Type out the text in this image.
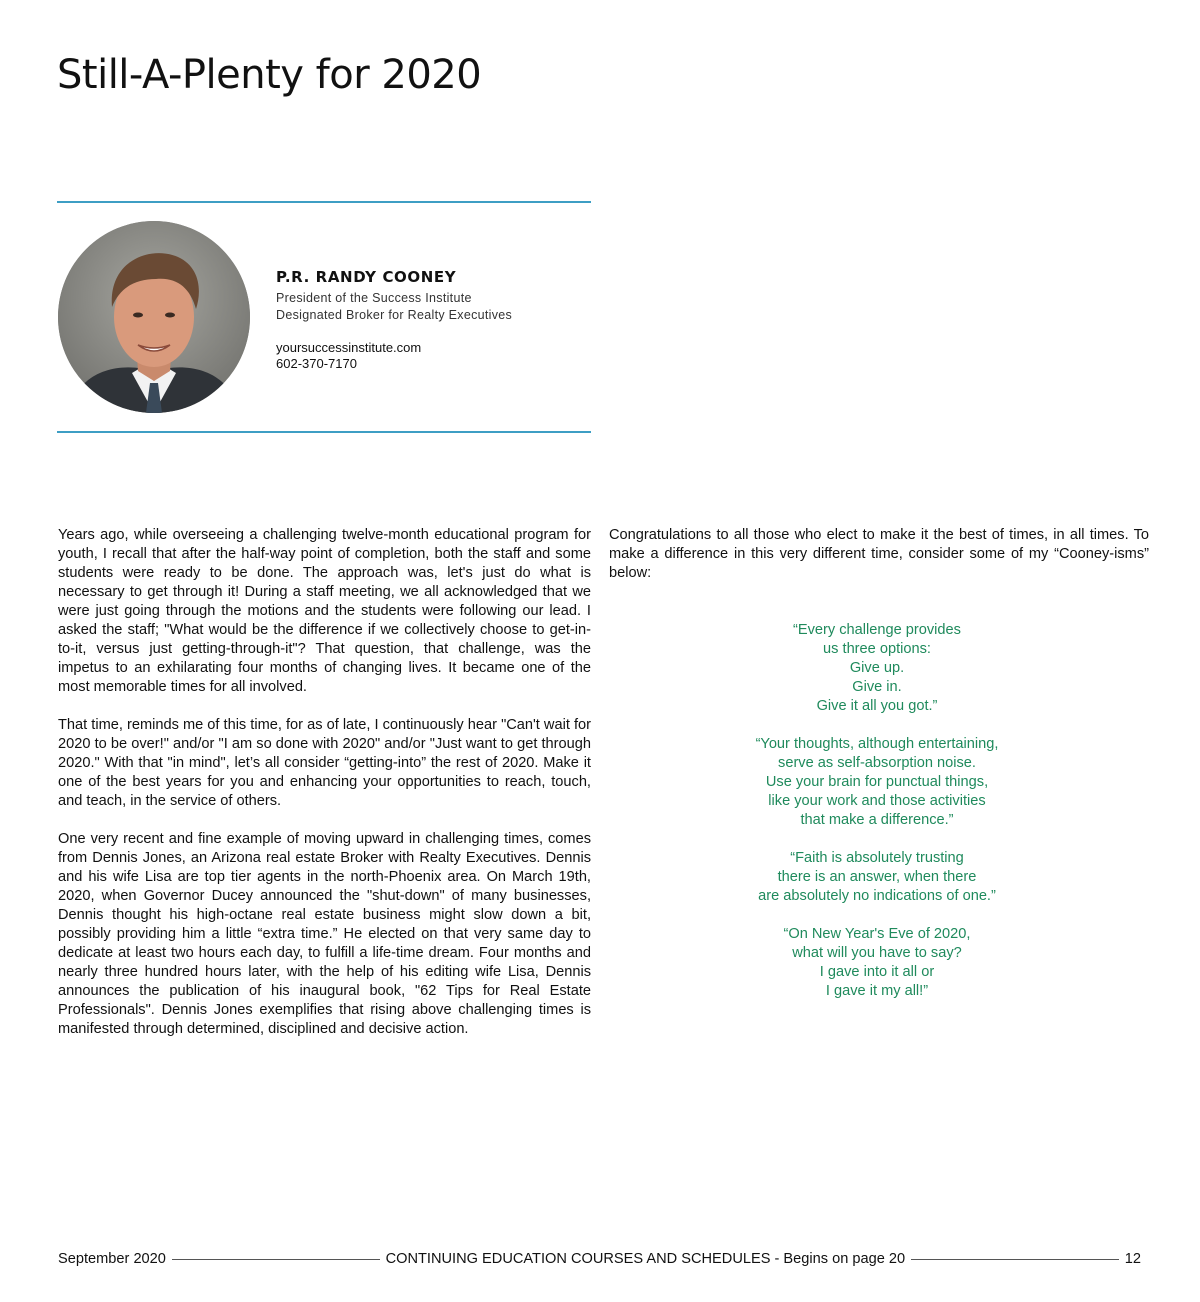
Still-A-Plenty for 2020
P.R. RANDY COONEY
President of the Success Institute
Designated Broker for Realty Executives
yoursuccessinstitute.com
602-370-7170

Years ago, while overseeing a challenging twelve-month educational program for youth, I recall that after the half-way point of completion, both the staff and some students were ready to be done. The approach was, let's just do what is necessary to get through it! During a staff meeting, we all acknowledged that we were just going through the motions and the students were following our lead. I asked the staff; "What would be the difference if we collectively choose to get-in-to-it, versus just getting-through-it"? That question, that challenge, was the impetus to an exhilarating four months of changing lives. It became one of the most memorable times for all involved.

That time, reminds me of this time, for as of late, I continuously hear "Can't wait for 2020 to be over!" and/or "I am so done with 2020" and/or "Just want to get through 2020." With that "in mind", let’s all consider “getting-into” the rest of 2020. Make it one of the best years for you and enhancing your opportunities to reach, touch, and teach, in the service of others.

One very recent and fine example of moving upward in challenging times, comes from Dennis Jones, an Arizona real estate Broker with Realty Executives. Dennis and his wife Lisa are top tier agents in the north-Phoenix area. On March 19th, 2020, when Governor Ducey announced the "shut-down" of many businesses, Dennis thought his high-octane real estate business might slow down a bit, possibly providing him a little “extra time.” He elected on that very same day to dedicate at least two hours each day, to fulfill a life-time dream. Four months and nearly three hundred hours later, with the help of his editing wife Lisa, Dennis announces the publication of his inaugural book, "62 Tips for Real Estate Professionals". Dennis Jones exemplifies that rising above challenging times is manifested through determined, disciplined and decisive action.

Congratulations to all those who elect to make it the best of times, in all times. To make a difference in this very different time, consider some of my “Cooney-isms” below:

“Every challenge provides
us three options:
Give up.
Give in.
Give it all you got.”

“Your thoughts, although entertaining,
serve as self-absorption noise.
Use your brain for punctual things,
like your work and those activities
that make a difference.”

“Faith is absolutely trusting
there is an answer, when there
are absolutely no indications of one.”

“On New Year's Eve of 2020,
what will you have to say?
I gave into it all or
I gave it my all!”

September 2020	CONTINUING EDUCATION COURSES AND SCHEDULES - Begins on page 20	12
